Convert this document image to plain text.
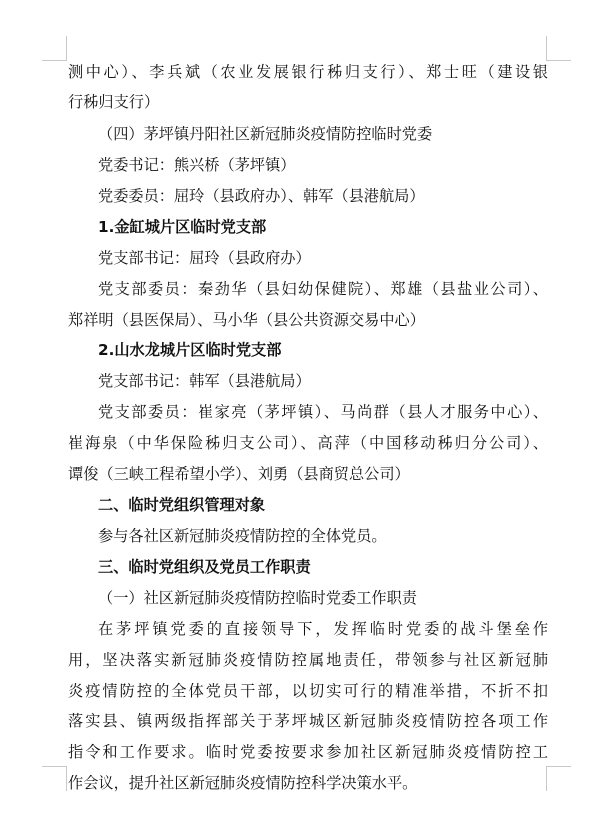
测中心）、李兵斌（农业发展银行秭归支行）、郑士旺（建设银
行秭归支行）
（四）茅坪镇丹阳社区新冠肺炎疫情防控临时党委
党委书记：熊兴桥（茅坪镇）
党委委员：屈玲（县政府办）、韩军（县港航局）
1.金缸城片区临时党支部
党支部书记：屈玲（县政府办）
党支部委员：秦劲华（县妇幼保健院）、郑雄（县盐业公司）、
郑祥明（县医保局）、马小华（县公共资源交易中心）
2.山水龙城片区临时党支部
党支部书记：韩军（县港航局）
党支部委员：崔家亮（茅坪镇）、马尚群（县人才服务中心）、
崔海泉（中华保险秭归支公司）、高萍（中国移动秭归分公司）、
谭俊（三峡工程希望小学）、刘勇（县商贸总公司）
二、临时党组织管理对象
参与各社区新冠肺炎疫情防控的全体党员。
三、临时党组织及党员工作职责
（一）社区新冠肺炎疫情防控临时党委工作职责
在茅坪镇党委的直接领导下，发挥临时党委的战斗堡垒作
用，坚决落实新冠肺炎疫情防控属地责任，带领参与社区新冠肺
炎疫情防控的全体党员干部，以切实可行的精准举措，不折不扣
落实县、镇两级指挥部关于茅坪城区新冠肺炎疫情防控各项工作
指令和工作要求。临时党委按要求参加社区新冠肺炎疫情防控工
作会议，提升社区新冠肺炎疫情防控科学决策水平。
